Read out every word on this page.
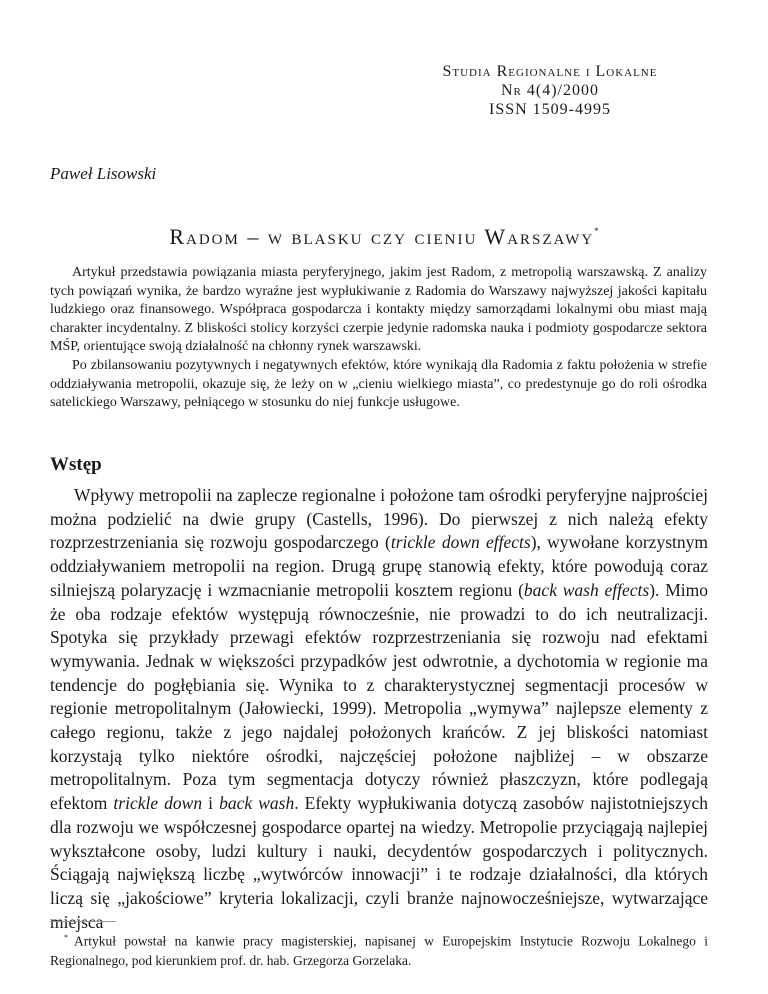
Studia Regionalne i Lokalne
Nr 4(4)/2000
ISSN 1509-4995
Paweł Lisowski
Radom – w blasku czy cieniu Warszawy*

Artykuł przedstawia powiązania miasta peryferyjnego, jakim jest Radom, z metropolią warszawską. Z analizy tych powiązań wynika, że bardzo wyraźne jest wypłukiwanie z Radomia do Warszawy najwyższej jakości kapitału ludzkiego oraz finansowego. Współpraca gospodarcza i kontakty między samorządami lokalnymi obu miast mają charakter incydentalny. Z bliskości stolicy korzyści czerpie jedynie radomska nauka i podmioty gospodarcze sektora MŚP, orientujące swoją działalność na chłonny rynek warszawski.

Po zbilansowaniu pozytywnych i negatywnych efektów, które wynikają dla Radomia z faktu położenia w strefie oddziaływania metropolii, okazuje się, że leży on w „cieniu wielkiego miasta”, co predestynuje go do roli ośrodka satelickiego Warszawy, pełniącego w stosunku do niej funkcje usługowe.

Wstęp

Wpływy metropolii na zaplecze regionalne i położone tam ośrodki peryferyjne najprościej można podzielić na dwie grupy (Castells, 1996). Do pierwszej z nich należą efekty rozprzestrzeniania się rozwoju gospodarczego (trickle down effects), wywołane korzystnym oddziaływaniem metropolii na region. Drugą grupę stanowią efekty, które powodują coraz silniejszą polaryzację i wzmacnianie metropolii kosztem regionu (back wash effects). Mimo że oba rodzaje efektów występują równocześnie, nie prowadzi to do ich neutralizacji. Spotyka się przykłady przewagi efektów rozprzestrzeniania się rozwoju nad efektami wymywania. Jednak w większości przypadków jest odwrotnie, a dychotomia w regionie ma tendencje do pogłębiania się. Wynika to z charakterystycznej segmentacji procesów w regionie metropolitalnym (Jałowiecki, 1999). Metropolia „wymywa” najlepsze elementy z całego regionu, także z jego najdalej położonych krańców. Z jej bliskości natomiast korzystają tylko niektóre ośrodki, najczęściej położone najbliżej – w obszarze metropolitalnym. Poza tym segmentacja dotyczy również płaszczyzn, które podlegają efektom trickle down i back wash. Efekty wypłukiwania dotyczą zasobów najistotniejszych dla rozwoju we współczesnej gospodarce opartej na wiedzy. Metropolie przyciągają najlepiej wykształcone osoby, ludzi kultury i nauki, decydentów gospodarczych i politycznych. Ściągają największą liczbę „wytwórców innowacji” i te rodzaje działalności, dla których liczą się „jakościowe” kryteria lokalizacji, czyli branże najnowocześniejsze, wytwarzające miejsca

* Artykuł powstał na kanwie pracy magisterskiej, napisanej w Europejskim Instytucie Rozwoju Lokalnego i Regionalnego, pod kierunkiem prof. dr. hab. Grzegorza Gorzelaka.
